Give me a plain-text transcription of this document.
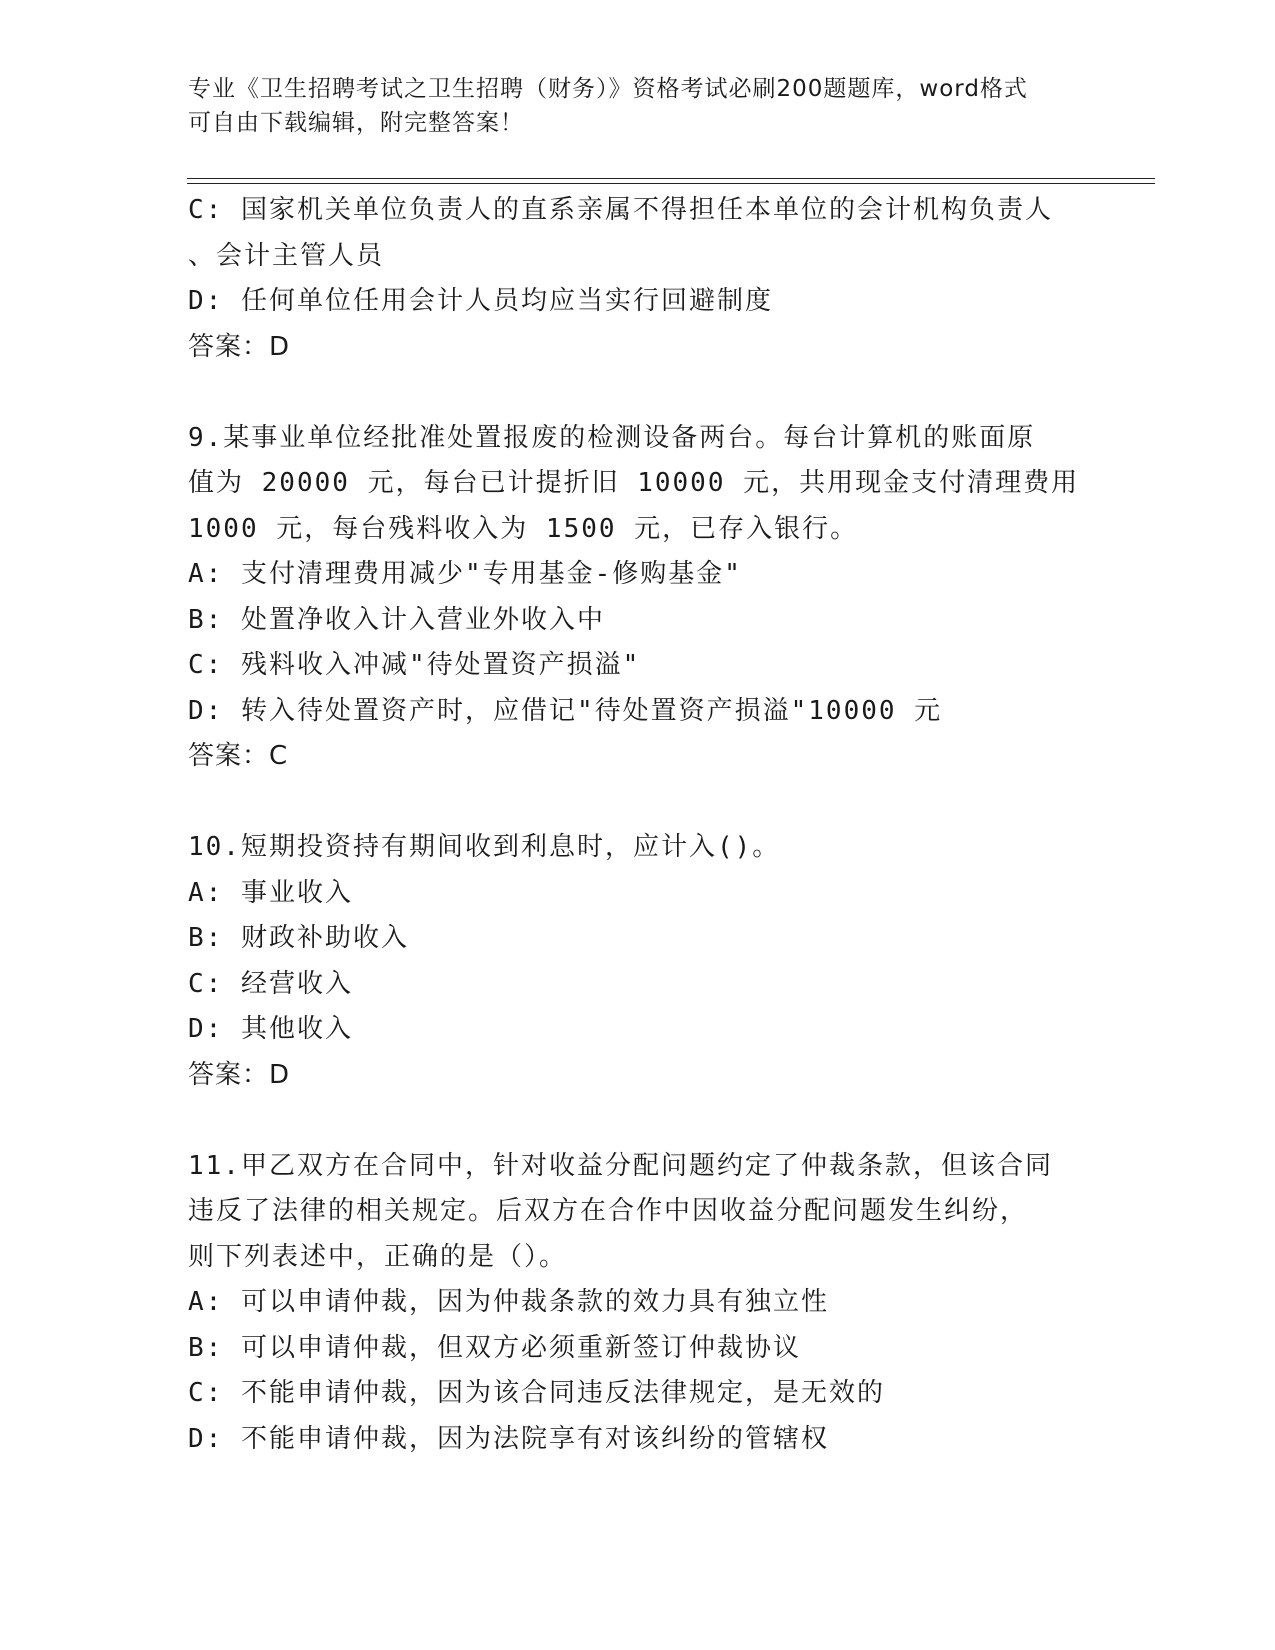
专业《卫生招聘考试之卫生招聘（财务）》资格考试必刷200题题库，word格式
可自由下载编辑，附完整答案！
C: 国家机关单位负责人的直系亲属不得担任本单位的会计机构负责人
、会计主管人员
D: 任何单位任用会计人员均应当实行回避制度
答案：D
9.某事业单位经批准处置报废的检测设备两台。每台计算机的账面原
值为 20000 元，每台已计提折旧 10000 元，共用现金支付清理费用
1000 元，每台残料收入为 1500 元，已存入银行。
A: 支付清理费用减少"专用基金-修购基金"
B: 处置净收入计入营业外收入中
C: 残料收入冲减"待处置资产损溢"
D: 转入待处置资产时，应借记"待处置资产损溢"10000 元
答案：C
10.短期投资持有期间收到利息时，应计入()。
A: 事业收入
B: 财政补助收入
C: 经营收入
D: 其他收入
答案：D
11.甲乙双方在合同中，针对收益分配问题约定了仲裁条款，但该合同
违反了法律的相关规定。后双方在合作中因收益分配问题发生纠纷，
则下列表述中，正确的是（）。
A: 可以申请仲裁，因为仲裁条款的效力具有独立性
B: 可以申请仲裁，但双方必须重新签订仲裁协议
C: 不能申请仲裁，因为该合同违反法律规定，是无效的
D: 不能申请仲裁，因为法院享有对该纠纷的管辖权
